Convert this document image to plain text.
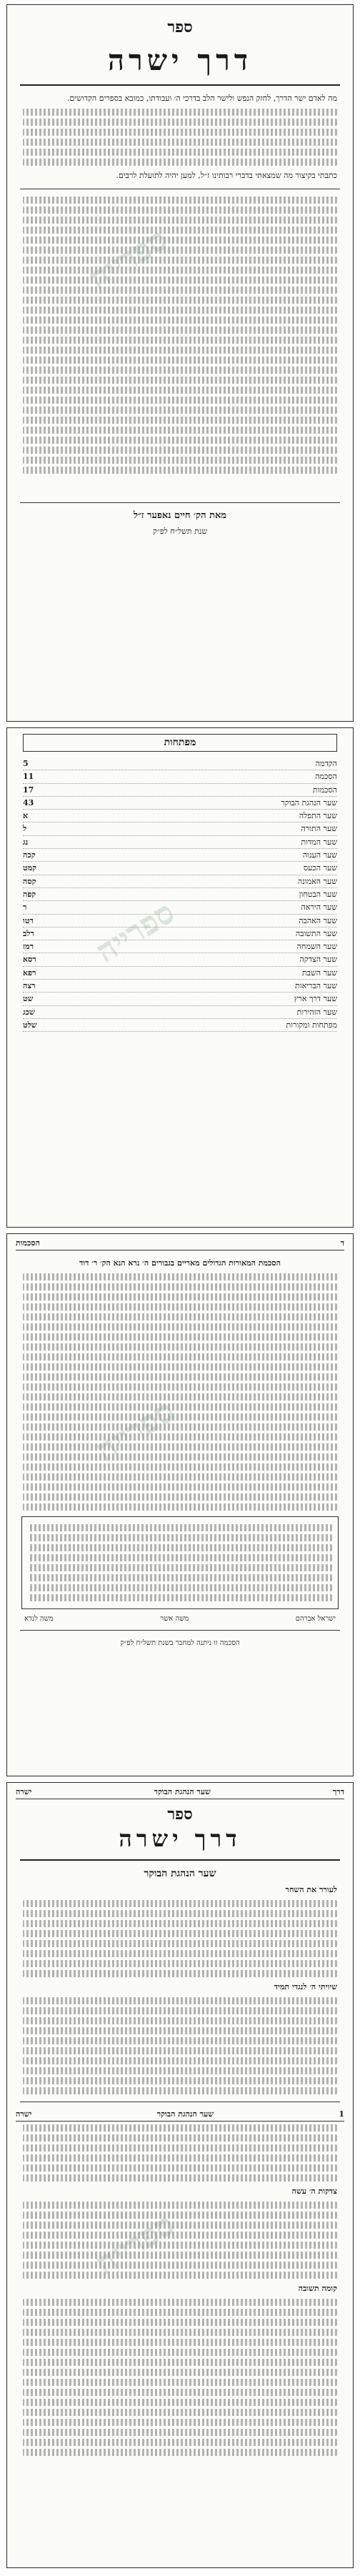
ספר
דרך ישרה
מה לאדם ישר הדרך, לחזק הנפש ולישר הלב בדרכי ה׳ ועבודתו, כמובא בספרים הקדושים.
כתבתי בקיצור מה שמצאתי בדברי רבותינו ז״ל, למען יהיה לתועלת לרבים.
מאת הק׳ חיים נאפער ז״ל
שנת תשל״ח לפ״ק
ספרייה
מפתחות
הקדמה
5
הסכמה
11
הסכמות
17
שער הנהגת הבוקר
43
שער התפלה
א
שער התורה
ל
שער המדות
נג
שער הענוה
קכה
שער הכעס
קמט
שער האמונה
קסה
שער הבטחון
קפה
שער היראה
ר
שער האהבה
רטו
שער התשובה
רלב
שער השמחה
רמז
שער הצדקה
רסא
שער השבת
רפא
שער הבריאות
רצה
שער דרך ארץ
שט
שער הזהירות
שכג
מפתחות ומקורות
שלט
ספרייה
ד
הסכמות
הסכמת המאורות הגדולים מאריים בגבורים ה׳ נרא הנא הק׳ ר׳ דוד
ישראל אברהם
משה אשר
משה לנדא
הסכמה זו ניתנה למחבר בשנת תשל״ח לפ״ק
ספרייה
דרך
שער הנהגת הבוקר
ישרה
ספר
דרך ישרה
שער הנהגת הבוקר
לעורר את השחר
שיויתי ה׳ לנגדי תמיד
1
שער הנהגת הבוקר
ישרה
צדקות ה׳ עשה
קומה תשובה
ספרייה
